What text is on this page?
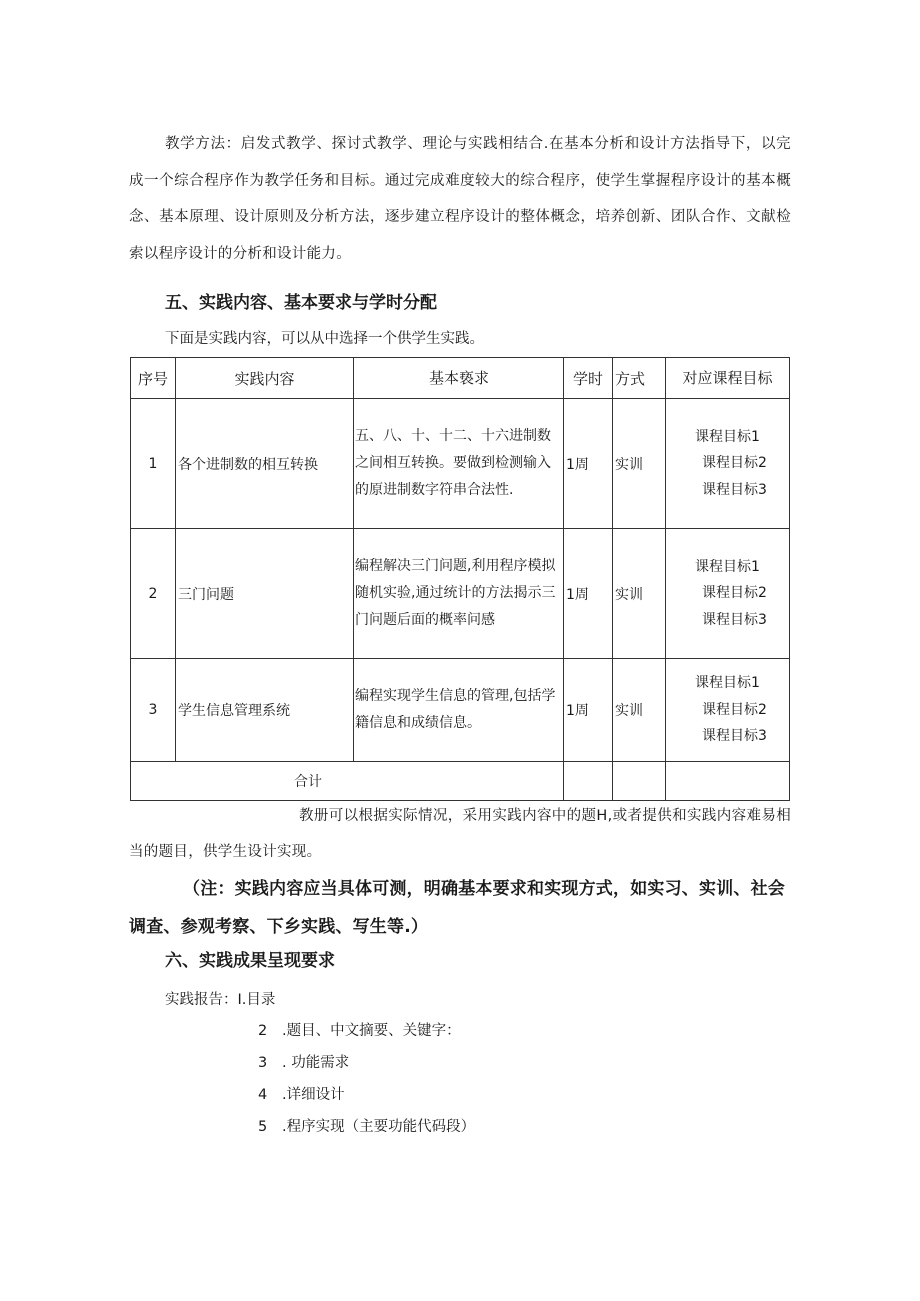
教学方法：启发式教学、探讨式教学、理论与实践相结合.在基本分析和设计方法指导下，以完成一个综合程序作为教学任务和目标。通过完成难度较大的综合程序，使学生掌握程序设计的基本概念、基本原理、设计原则及分析方法，逐步建立程序设计的整体概念，培养创新、团队合作、文献检索以程序设计的分析和设计能力。

五、实践内容、基本要求与学时分配

下面是实践内容，可以从中选择一个供学生实践。

序号	实践内容	基本亵求	学时	方式	对应课程目标
1	各个进制数的相互转换	五、八、十、十二、十六进制数之间相互转换。要做到检测输入的原进制数字符串合法性.	1周	实训	课程目标1
课程目标2
课程目标3

2	三门问题	编程解决三门问题,利用程序模拟随机实验,通过统计的方法揭示三门问题后面的概率问感	1周	实训	课程目标1
课程目标2
课程目标3

3	学生信息管理系统	编程实现学生信息的管理,包括学籍信息和成绩信息。	1周	实训	课程目标1
课程目标2
课程目标3

合计					

教册可以根据实际情况，采用实践内容中的题H,或者提供和实践内容难易相当的题目，供学生设计实现。

（注：实践内容应当具体可测，明确基本要求和实现方式，如实习、实训、社会调查、参观考察、下乡实践、写生等.）

六、实践成果呈现要求

实践报告：I.目录

2 .题目、中文摘要、关键字：
3 . 功能需求
4 .详细设计
5 .程序实现（主要功能代码段）
